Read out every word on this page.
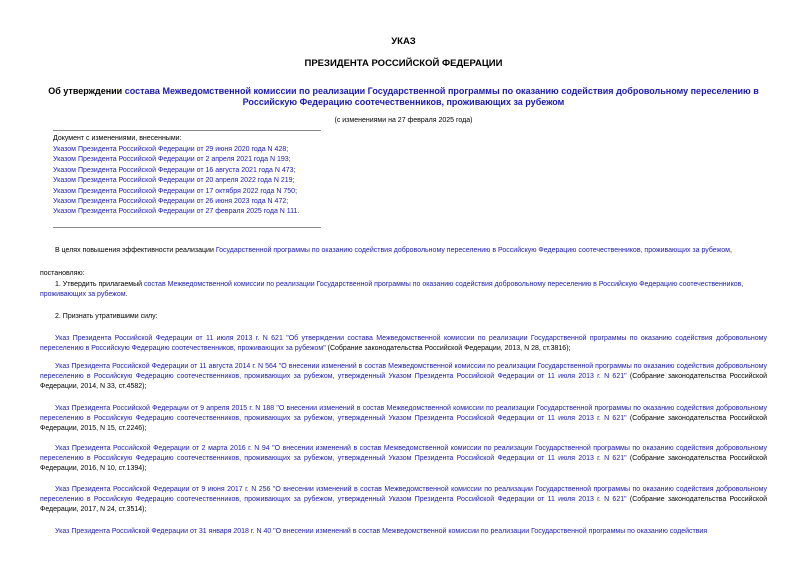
УКАЗ
ПРЕЗИДЕНТА РОССИЙСКОЙ ФЕДЕРАЦИИ
Об утверждении состава Межведомственной комиссии по реализации Государственной программы по оказанию содействия добровольному переселению в Российскую Федерацию соотечественников, проживающих за рубежом
(с изменениями на 27 февраля 2025 года)
Документ с изменениями, внесенными:
Указом Президента Российской Федерации от 29 июня 2020 года N 428;
Указом Президента Российской Федерации от 2 апреля 2021 года N 193;
Указом Президента Российской Федерации от 16 августа 2021 года N 473;
Указом Президента Российской Федерации от 20 апреля 2022 года N 219;
Указом Президента Российской Федерации от 17 октября 2022 года N 750;
Указом Президента Российской Федерации от 26 июня 2023 года N 472;
Указом Президента Российской Федерации от 27 февраля 2025 года N 111.
В целях повышения эффективности реализации Государственной программы по оказанию содействия добровольному переселению в Российскую Федерацию соотечественников, проживающих за рубежом,
постановляю:
1. Утвердить прилагаемый состав Межведомственной комиссии по реализации Государственной программы по оказанию содействия добровольному переселению в Российскую Федерацию соотечественников, проживающих за рубежом.
2. Признать утратившими силу:
Указ Президента Российской Федерации от 11 июля 2013 г. N 621 "Об утверждении состава Межведомственной комиссии по реализации Государственной программы по оказанию содействия добровольному переселению в Российскую Федерацию соотечественников, проживающих за рубежом" (Собрание законодательства Российской Федерации, 2013, N 28, ст.3816);
Указ Президента Российской Федерации от 11 августа 2014 г. N 564 "О внесении изменений в состав Межведомственной комиссии по реализации Государственной программы по оказанию содействия добровольному переселению в Российскую Федерацию соотечественников, проживающих за рубежом, утвержденный Указом Президента Российской Федерации от 11 июля 2013 г. N 621" (Собрание законодательства Российской Федерации, 2014, N 33, ст.4582);
Указ Президента Российской Федерации от 9 апреля 2015 г. N 188 "О внесении изменений в состав Межведомственной комиссии по реализации Государственной программы по оказанию содействия добровольному переселению в Российскую Федерацию соотечественников, проживающих за рубежом, утвержденный Указом Президента Российской Федерации от 11 июля 2013 г. N 621" (Собрание законодательства Российской Федерации, 2015, N 15, ст.2246);
Указ Президента Российской Федерации от 2 марта 2016 г. N 94 "О внесении изменений в состав Межведомственной комиссии по реализации Государственной программы по оказанию содействия добровольному переселению в Российскую Федерацию соотечественников, проживающих за рубежом, утвержденный Указом Президента Российской Федерации от 11 июля 2013 г. N 621" (Собрание законодательства Российской Федерации, 2016, N 10, ст.1394);
Указ Президента Российской Федерации от 9 июня 2017 г. N 256 "О внесении изменений в состав Межведомственной комиссии по реализации Государственной программы по оказанию содействия добровольному переселению в Российскую Федерацию соотечественников, проживающих за рубежом, утвержденный Указом Президента Российской Федерации от 11 июля 2013 г. N 621" (Собрание законодательства Российской Федерации, 2017, N 24, ст.3514);
Указ Президента Российской Федерации от 31 января 2018 г. N 40 "О внесении изменений в состав Межведомственной комиссии по реализации Государственной программы по оказанию содействия
